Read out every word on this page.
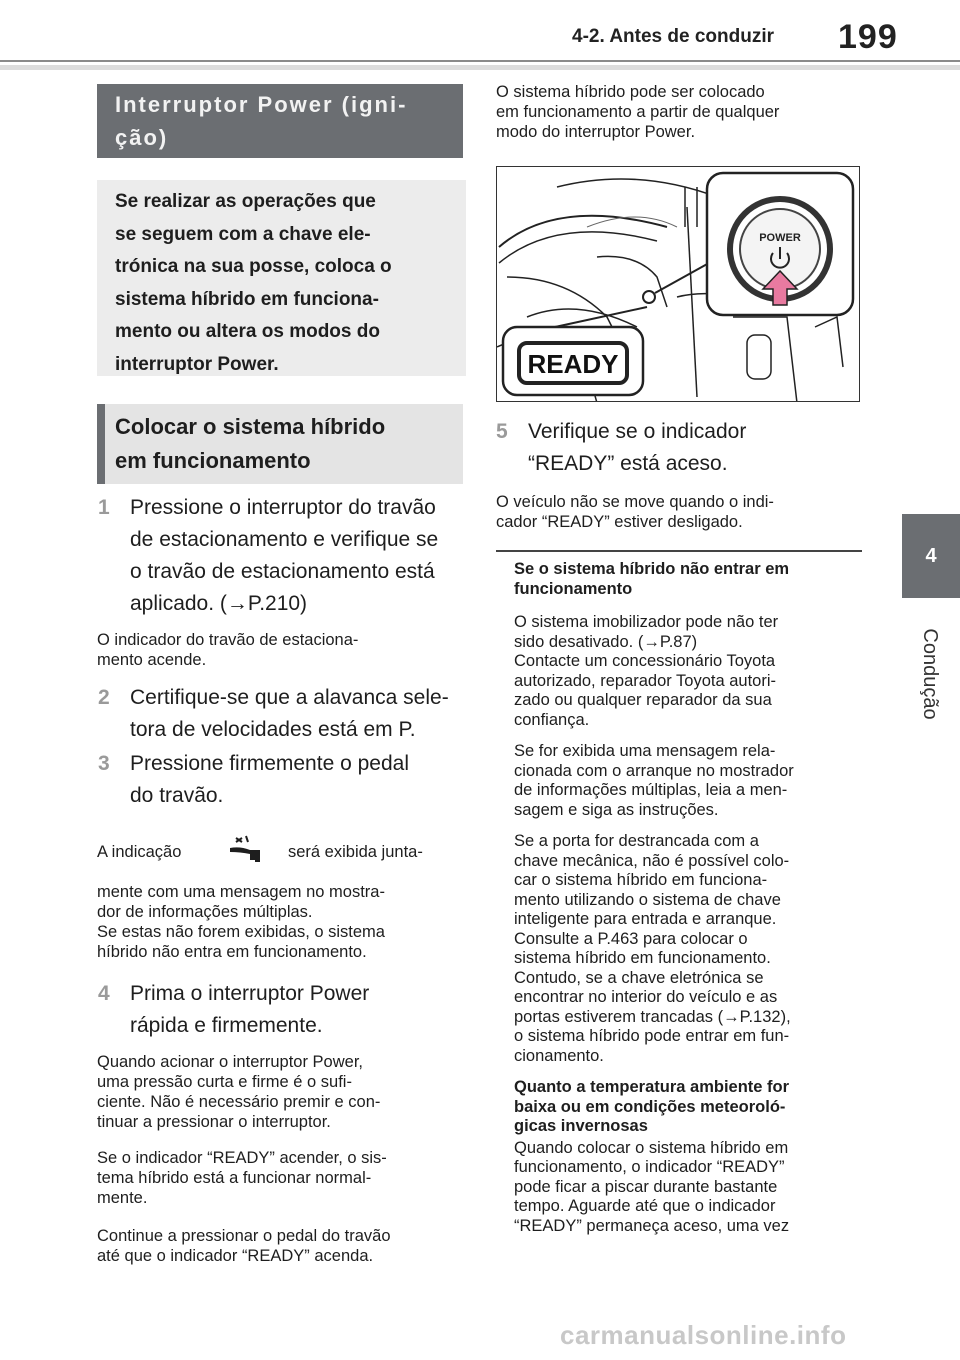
4-2. Antes de conduzir 199
4
Condução
Interruptor Power (igni-
ção)
Se realizar as operações que
se seguem com a chave ele-
trónica na sua posse, coloca o
sistema híbrido em funciona-
mento ou altera os modos do
interruptor Power.
Colocar o sistema híbrido
em funcionamento
1 Pressione o interruptor do travão
de estacionamento e verifique se
o travão de estacionamento está
aplicado. (→P.210)
O indicador do travão de estaciona-
mento acende.
2 Certifique-se que a alavanca sele-
tora de velocidades está em P.
3 Pressione firmemente o pedal
do travão.
A indicação	será exibida junta-
mente com uma mensagem no mostra-
dor de informações múltiplas.
Se estas não forem exibidas, o sistema
híbrido não entra em funcionamento.
4 Prima o interruptor Power
rápida e firmemente.
Quando acionar o interruptor Power,
uma pressão curta e firme é o sufi-
ciente. Não é necessário premir e con-
tinuar a pressionar o interruptor.
Se o indicador “READY” acender, o sis-
tema híbrido está a funcionar normal-
mente.
Continue a pressionar o pedal do travão
até que o indicador “READY” acenda.
O sistema híbrido pode ser colocado
em funcionamento a partir de qualquer
modo do interruptor Power.
POWER
READY
5 Verifique se o indicador
“READY” está aceso.
O veículo não se move quando o indi-
cador “READY” estiver desligado.
Se o sistema híbrido não entrar em
funcionamento
O sistema imobilizador pode não ter
sido desativado. (→P.87)
Contacte um concessionário Toyota
autorizado, reparador Toyota autori-
zado ou qualquer reparador da sua
confiança.
Se for exibida uma mensagem rela-
cionada com o arranque no mostrador
de informações múltiplas, leia a men-
sagem e siga as instruções.
Se a porta for destrancada com a
chave mecânica, não é possível colo-
car o sistema híbrido em funciona-
mento utilizando o sistema de chave
inteligente para entrada e arranque.
Consulte a P.463 para colocar o
sistema híbrido em funcionamento.
Contudo, se a chave eletrónica se
encontrar no interior do veículo e as
portas estiverem trancadas (→P.132),
o sistema híbrido pode entrar em fun-
cionamento.
Quanto a temperatura ambiente for
baixa ou em condições meteoroló-
gicas invernosas
Quando colocar o sistema híbrido em
funcionamento, o indicador “READY”
pode ficar a piscar durante bastante
tempo. Aguarde até que o indicador
“READY” permaneça aceso, uma vez
carmanualsonline.info
